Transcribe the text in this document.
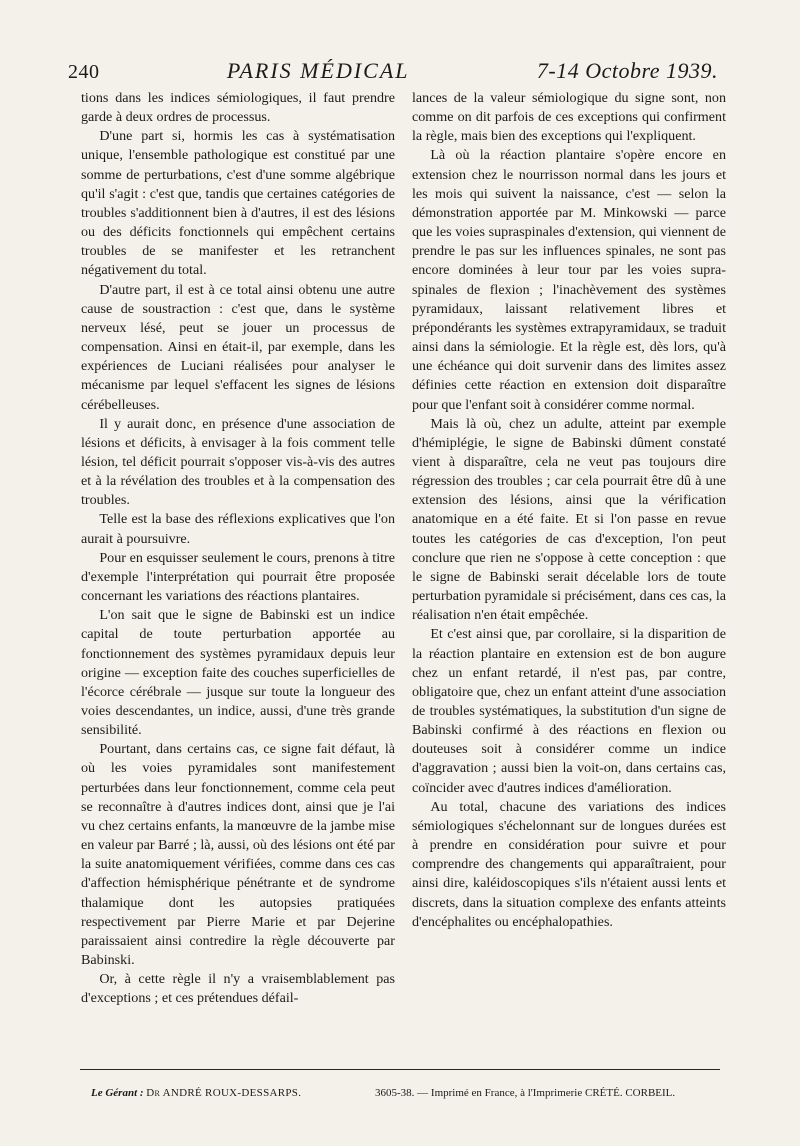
240	PARIS MÉDICAL	7-14 Octobre 1939.

tions dans les indices sémiologiques, il faut prendre garde à deux ordres de processus.

D'une part si, hormis les cas à systématisation unique, l'ensemble pathologique est constitué par une somme de perturbations, c'est d'une somme algébrique qu'il s'agit : c'est que, tandis que certaines catégories de troubles s'additionnent bien à d'autres, il est des lésions ou des déficits fonctionnels qui empêchent certains troubles de se manifester et les retranchent négativement du total.

D'autre part, il est à ce total ainsi obtenu une autre cause de soustraction : c'est que, dans le système nerveux lésé, peut se jouer un processus de compensation. Ainsi en était-il, par exemple, dans les expériences de Luciani réalisées pour analyser le mécanisme par lequel s'effacent les signes de lésions cérébelleuses.

Il y aurait donc, en présence d'une association de lésions et déficits, à envisager à la fois comment telle lésion, tel déficit pourrait s'opposer vis-à-vis des autres et à la révélation des troubles et à la compensation des troubles.

Telle est la base des réflexions explicatives que l'on aurait à poursuivre.

Pour en esquisser seulement le cours, prenons à titre d'exemple l'interprétation qui pourrait être proposée concernant les variations des réactions plantaires.

L'on sait que le signe de Babinski est un indice capital de toute perturbation apportée au fonctionnement des systèmes pyramidaux depuis leur origine — exception faite des couches superficielles de l'écorce cérébrale — jusque sur toute la longueur des voies descendantes, un indice, aussi, d'une très grande sensibilité.

Pourtant, dans certains cas, ce signe fait défaut, là où les voies pyramidales sont manifestement perturbées dans leur fonctionnement, comme cela peut se reconnaître à d'autres indices dont, ainsi que je l'ai vu chez certains enfants, la manœuvre de la jambe mise en valeur par Barré ; là, aussi, où des lésions ont été par la suite anatomiquement vérifiées, comme dans ces cas d'affection hémisphérique pénétrante et de syndrome thalamique dont les autopsies pratiquées respectivement par Pierre Marie et par Dejerine paraissaient ainsi contredire la règle découverte par Babinski.

Or, à cette règle il n'y a vraisemblablement pas d'exceptions ; et ces prétendues défail-

lances de la valeur sémiologique du signe sont, non comme on dit parfois de ces exceptions qui confirment la règle, mais bien des exceptions qui l'expliquent.

Là où la réaction plantaire s'opère encore en extension chez le nourrisson normal dans les jours et les mois qui suivent la naissance, c'est — selon la démonstration apportée par M. Minkowski — parce que les voies supraspinales d'extension, qui viennent de prendre le pas sur les influences spinales, ne sont pas encore dominées à leur tour par les voies supra-spinales de flexion ; l'inachèvement des systèmes pyramidaux, laissant relativement libres et prépondérants les systèmes extrapyramidaux, se traduit ainsi dans la sémiologie. Et la règle est, dès lors, qu'à une échéance qui doit survenir dans des limites assez définies cette réaction en extension doit disparaître pour que l'enfant soit à considérer comme normal.

Mais là où, chez un adulte, atteint par exemple d'hémiplégie, le signe de Babinski dûment constaté vient à disparaître, cela ne veut pas toujours dire régression des troubles ; car cela pourrait être dû à une extension des lésions, ainsi que la vérification anatomique en a été faite. Et si l'on passe en revue toutes les catégories de cas d'exception, l'on peut conclure que rien ne s'oppose à cette conception : que le signe de Babinski serait décelable lors de toute perturbation pyramidale si précisément, dans ces cas, la réalisation n'en était empêchée.

Et c'est ainsi que, par corollaire, si la disparition de la réaction plantaire en extension est de bon augure chez un enfant retardé, il n'est pas, par contre, obligatoire que, chez un enfant atteint d'une association de troubles systématiques, la substitution d'un signe de Babinski confirmé à des réactions en flexion ou douteuses soit à considérer comme un indice d'aggravation ; aussi bien la voit-on, dans certains cas, coïncider avec d'autres indices d'amélioration.

Au total, chacune des variations des indices sémiologiques s'échelonnant sur de longues durées est à prendre en considération pour suivre et pour comprendre des changements qui apparaîtraient, pour ainsi dire, kaléidoscopiques s'ils n'étaient aussi lents et discrets, dans la situation complexe des enfants atteints d'encéphalites ou encéphalopathies.

Le Gérant : Dr ANDRÉ ROUX-DESSARPS.	3605-38. — Imprimé en France, à l'Imprimerie CRÉTÉ. CORBEIL.
